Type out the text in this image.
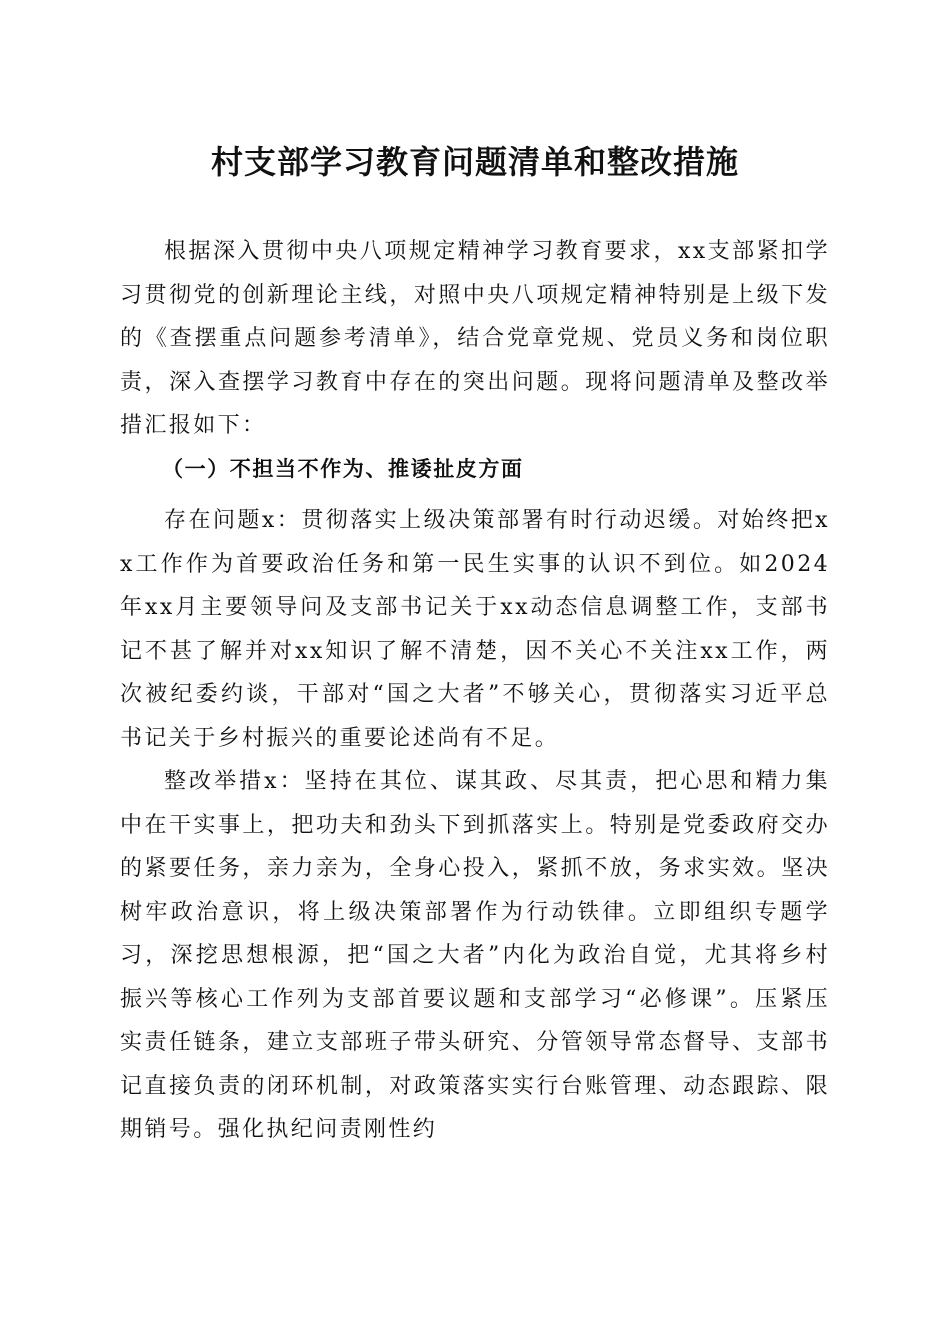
村支部学习教育问题清单和整改措施

根据深入贯彻中央八项规定精神学习教育要求，xx支部紧扣学习贯彻党的创新理论主线，对照中央八项规定精神特别是上级下发的《查摆重点问题参考清单》，结合党章党规、党员义务和岗位职责，深入查摆学习教育中存在的突出问题。现将问题清单及整改举措汇报如下：

（一）不担当不作为、推诿扯皮方面

存在问题x：贯彻落实上级决策部署有时行动迟缓。对始终把xx工作作为首要政治任务和第一民生实事的认识不到位。如2024年xx月主要领导问及支部书记关于xx动态信息调整工作，支部书记不甚了解并对xx知识了解不清楚，因不关心不关注xx工作，两次被纪委约谈，干部对“国之大者”不够关心，贯彻落实习近平总书记关于乡村振兴的重要论述尚有不足。

整改举措x：坚持在其位、谋其政、尽其责，把心思和精力集中在干实事上，把功夫和劲头下到抓落实上。特别是党委政府交办的紧要任务，亲力亲为，全身心投入，紧抓不放，务求实效。坚决树牢政治意识，将上级决策部署作为行动铁律。立即组织专题学习，深挖思想根源，把“国之大者”内化为政治自觉，尤其将乡村振兴等核心工作列为支部首要议题和支部学习“必修课”。压紧压实责任链条，建立支部班子带头研究、分管领导常态督导、支部书记直接负责的闭环机制，对政策落实实行台账管理、动态跟踪、限期销号。强化执纪问责刚性约
